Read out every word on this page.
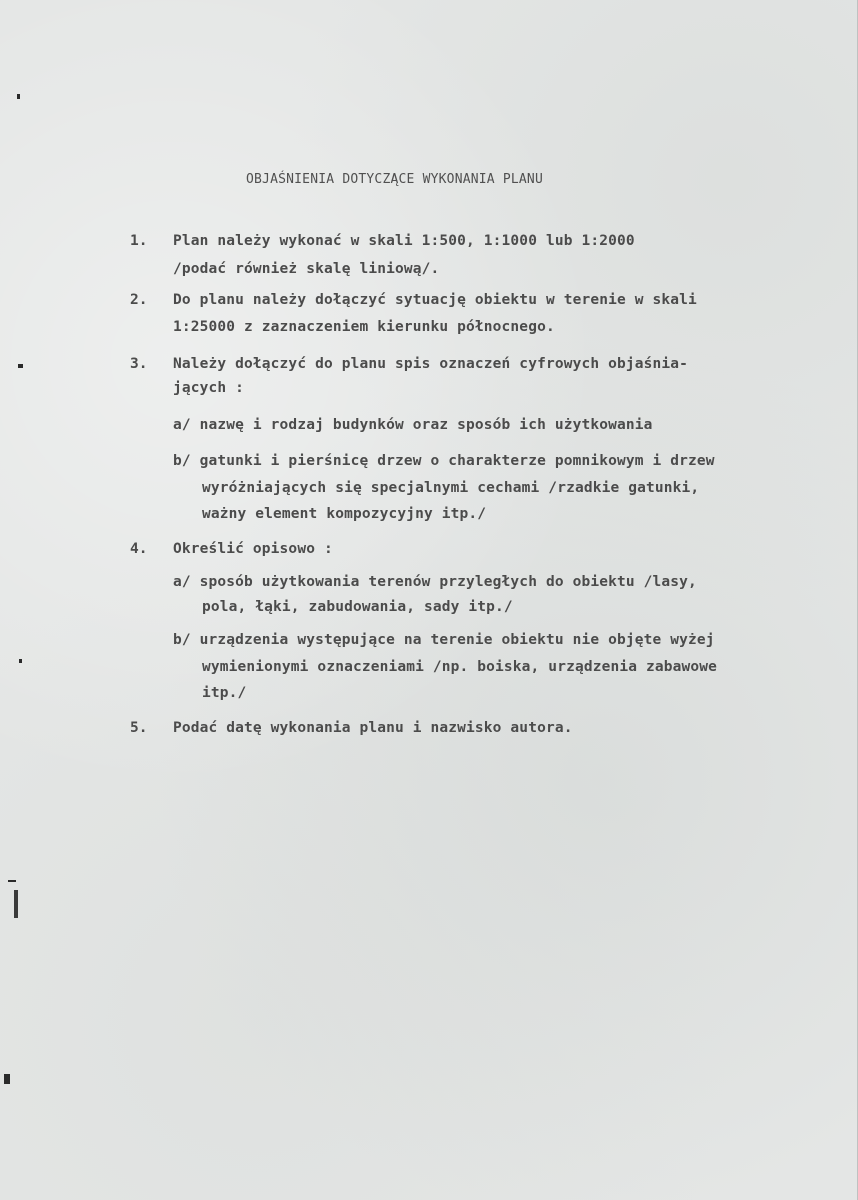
OBJAŚNIENIA DOTYCZĄCE WYKONANIA PLANU
1. Plan należy wykonać w skali 1:500, 1:1000 lub 1:2000
/podać również skalę liniową/.
2. Do planu należy dołączyć sytuację obiektu w terenie w skali
1:25000 z zaznaczeniem kierunku północnego.
3. Należy dołączyć do planu spis oznaczeń cyfrowych objaśnia-
jących :
a/ nazwę i rodzaj budynków oraz sposób ich użytkowania
b/ gatunki i pierśnicę drzew o charakterze pomnikowym i drzew
wyróżniających się specjalnymi cechami /rzadkie gatunki,
ważny element kompozycyjny itp./
4. Określić opisowo :
a/ sposób użytkowania terenów przyległych do obiektu /lasy,
pola, łąki, zabudowania, sady itp./
b/ urządzenia występujące na terenie obiektu nie objęte wyżej
wymienionymi oznaczeniami /np. boiska, urządzenia zabawowe
itp./
5. Podać datę wykonania planu i nazwisko autora.
